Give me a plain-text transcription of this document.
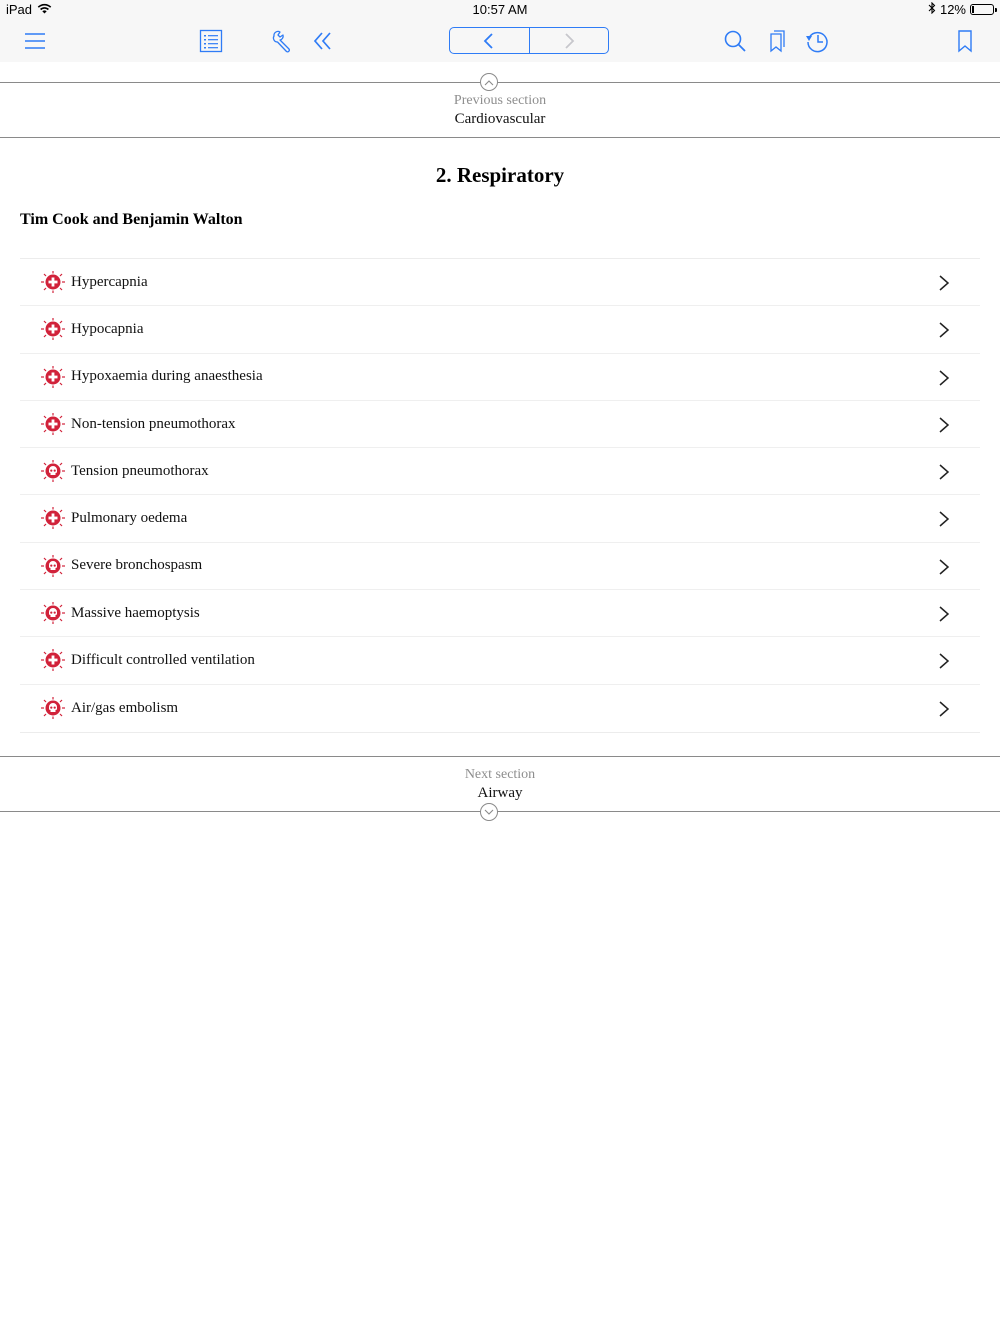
iPad	10:57 AM	12%
Previous section
Cardiovascular
2. Respiratory
Tim Cook and Benjamin Walton
Hypercapnia
Hypocapnia
Hypoxaemia during anaesthesia
Non-tension pneumothorax
Tension pneumothorax
Pulmonary oedema
Severe bronchospasm
Massive haemoptysis
Difficult controlled ventilation
Air/gas embolism
Next section
Airway
